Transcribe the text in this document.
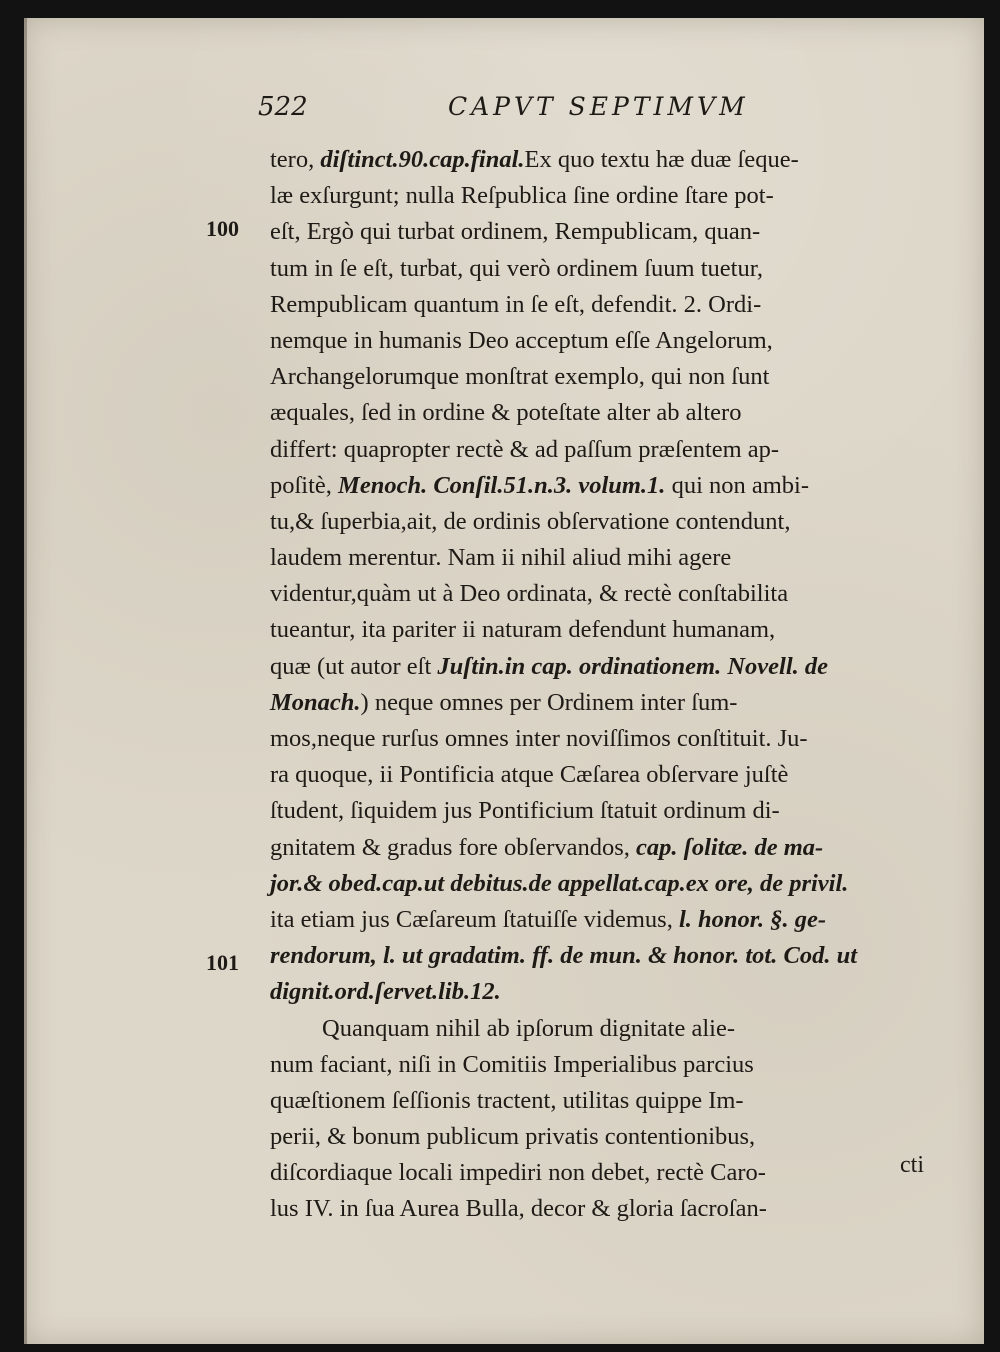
522	CAPVT SEPTIMVM
100
101
tero, diſtinct.90.cap.final.Ex quo textu hæ duæ ſeque-
læ exſurgunt; nulla Reſpublica ſine ordine ſtare pot-
eſt, Ergò qui turbat ordinem, Rempublicam, quan-
tum in ſe eſt, turbat, qui verò ordinem ſuum tuetur,
Rempublicam quantum in ſe eſt, defendit. 2. Ordi-
nemque in humanis Deo acceptum eſſe Angelorum,
Archangelorumque monſtrat exemplo, qui non ſunt
æquales, ſed in ordine & poteſtate alter ab altero
differt: quapropter rectè & ad paſſum præſentem ap-
poſitè, Menoch. Conſil.51.n.3. volum.1. qui non ambi-
tu,& ſuperbia,ait, de ordinis obſervatione contendunt,
laudem merentur. Nam ii nihil aliud mihi agere
videntur,quàm ut à Deo ordinata, & rectè conſtabilita
tueantur, ita pariter ii naturam defendunt humanam,
quæ (ut autor eſt Juſtin.in cap. ordinationem. Novell. de
Monach.) neque omnes per Ordinem inter ſum-
mos,neque rurſus omnes inter noviſſimos conſtituit. Ju-
ra quoque, ii Pontificia atque Cæſarea obſervare juſtè
ſtudent, ſiquidem jus Pontificium ſtatuit ordinum di-
gnitatem & gradus fore obſervandos, cap. ſolitæ. de ma-
jor.& obed.cap.ut debitus.de appellat.cap.ex ore, de privil.
ita etiam jus Cæſareum ſtatuiſſe videmus, l. honor. §. ge-
rendorum, l. ut gradatim. ff. de mun. & honor. tot. Cod. ut
dignit.ord.ſervet.lib.12.
Quanquam nihil ab ipſorum dignitate alie-
num faciant, niſi in Comitiis Imperialibus parcius
quæſtionem ſeſſionis tractent, utilitas quippe Im-
perii, & bonum publicum privatis contentionibus,
diſcordiaque locali impediri non debet, rectè Caro-
lus IV. in ſua Aurea Bulla, decor & gloria ſacroſan-
cti
